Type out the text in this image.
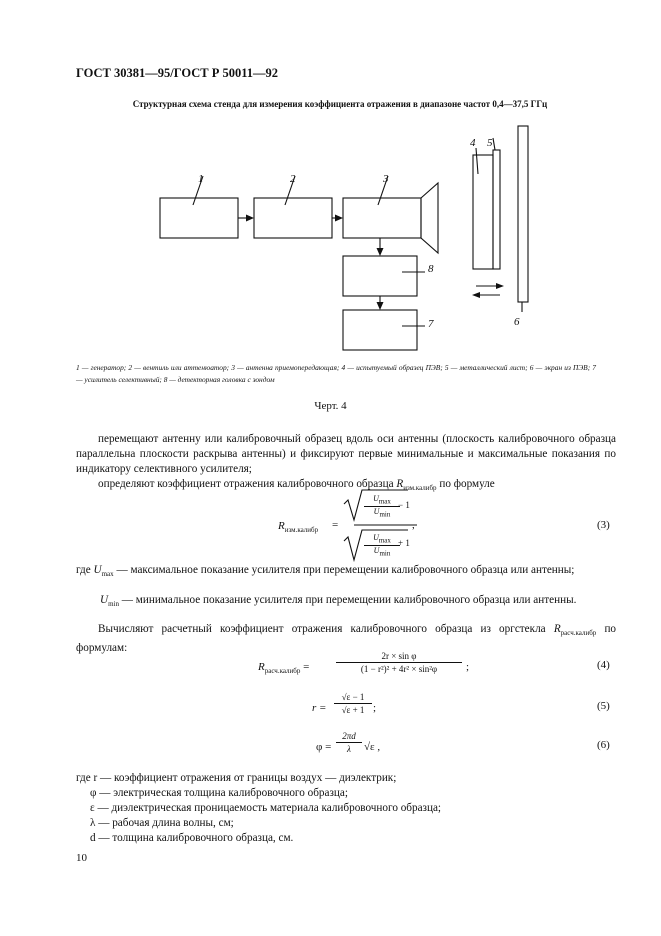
ГОСТ 30381—95/ГОСТ Р 50011—92
Структурная схема стенда для измерения коэффициента отражения в диапазоне частот 0,4—37,5 ГГц
1	2	3
4 5
6
7
8
1 — генератор; 2 — вентиль или аттенюатор; 3 — антенна приемопередающая; 4 — испытуемый образец ПЭВ; 5 — металлический лист; 6 — экран из ПЭВ; 7 — усилитель селективный; 8 — детекторная головка с зондом
Черт. 4
перемещают антенну или калибровочный образец вдоль оси антенны (плоскость калибровочного образца параллельна плоскости раскрыва антенны) и фиксируют первые минимальные и максимальные показания по индикатору селективного усилителя;
определяют коэффициент отражения калибровочного образца $R_{изм.калибр}$ по формуле
$R_{изм.калибр}$ =
$U_{max}$
$U_{min}$
− 1
$U_{max}$
$U_{min}$
+ 1
,	(3)
где $U_{max}$ — максимальное показание усилителя при перемещении калибровочного образца или антенны;
$U_{min}$ — минимальное показание усилителя при перемещении калибровочного образца или антенны.
Вычисляют расчетный коэффициент отражения калибровочного образца из оргстекла $R_{расч.калибр}$ по формулам:
$R_{расч.калибр}$ =
2r × sin φ
(1 − r²)² + 4r² × sin²φ	;	(4)
r =
√ε − 1
√ε + 1 ;	(5)
φ =
2πd
λ	√ε ,	(6)
где r — коэффициент отражения от границы воздух — диэлектрик;
φ — электрическая толщина калибровочного образца;
ε — диэлектрическая проницаемость материала калибровочного образца;
λ — рабочая длина волны, см;
d — толщина калибровочного образца, см.
10
